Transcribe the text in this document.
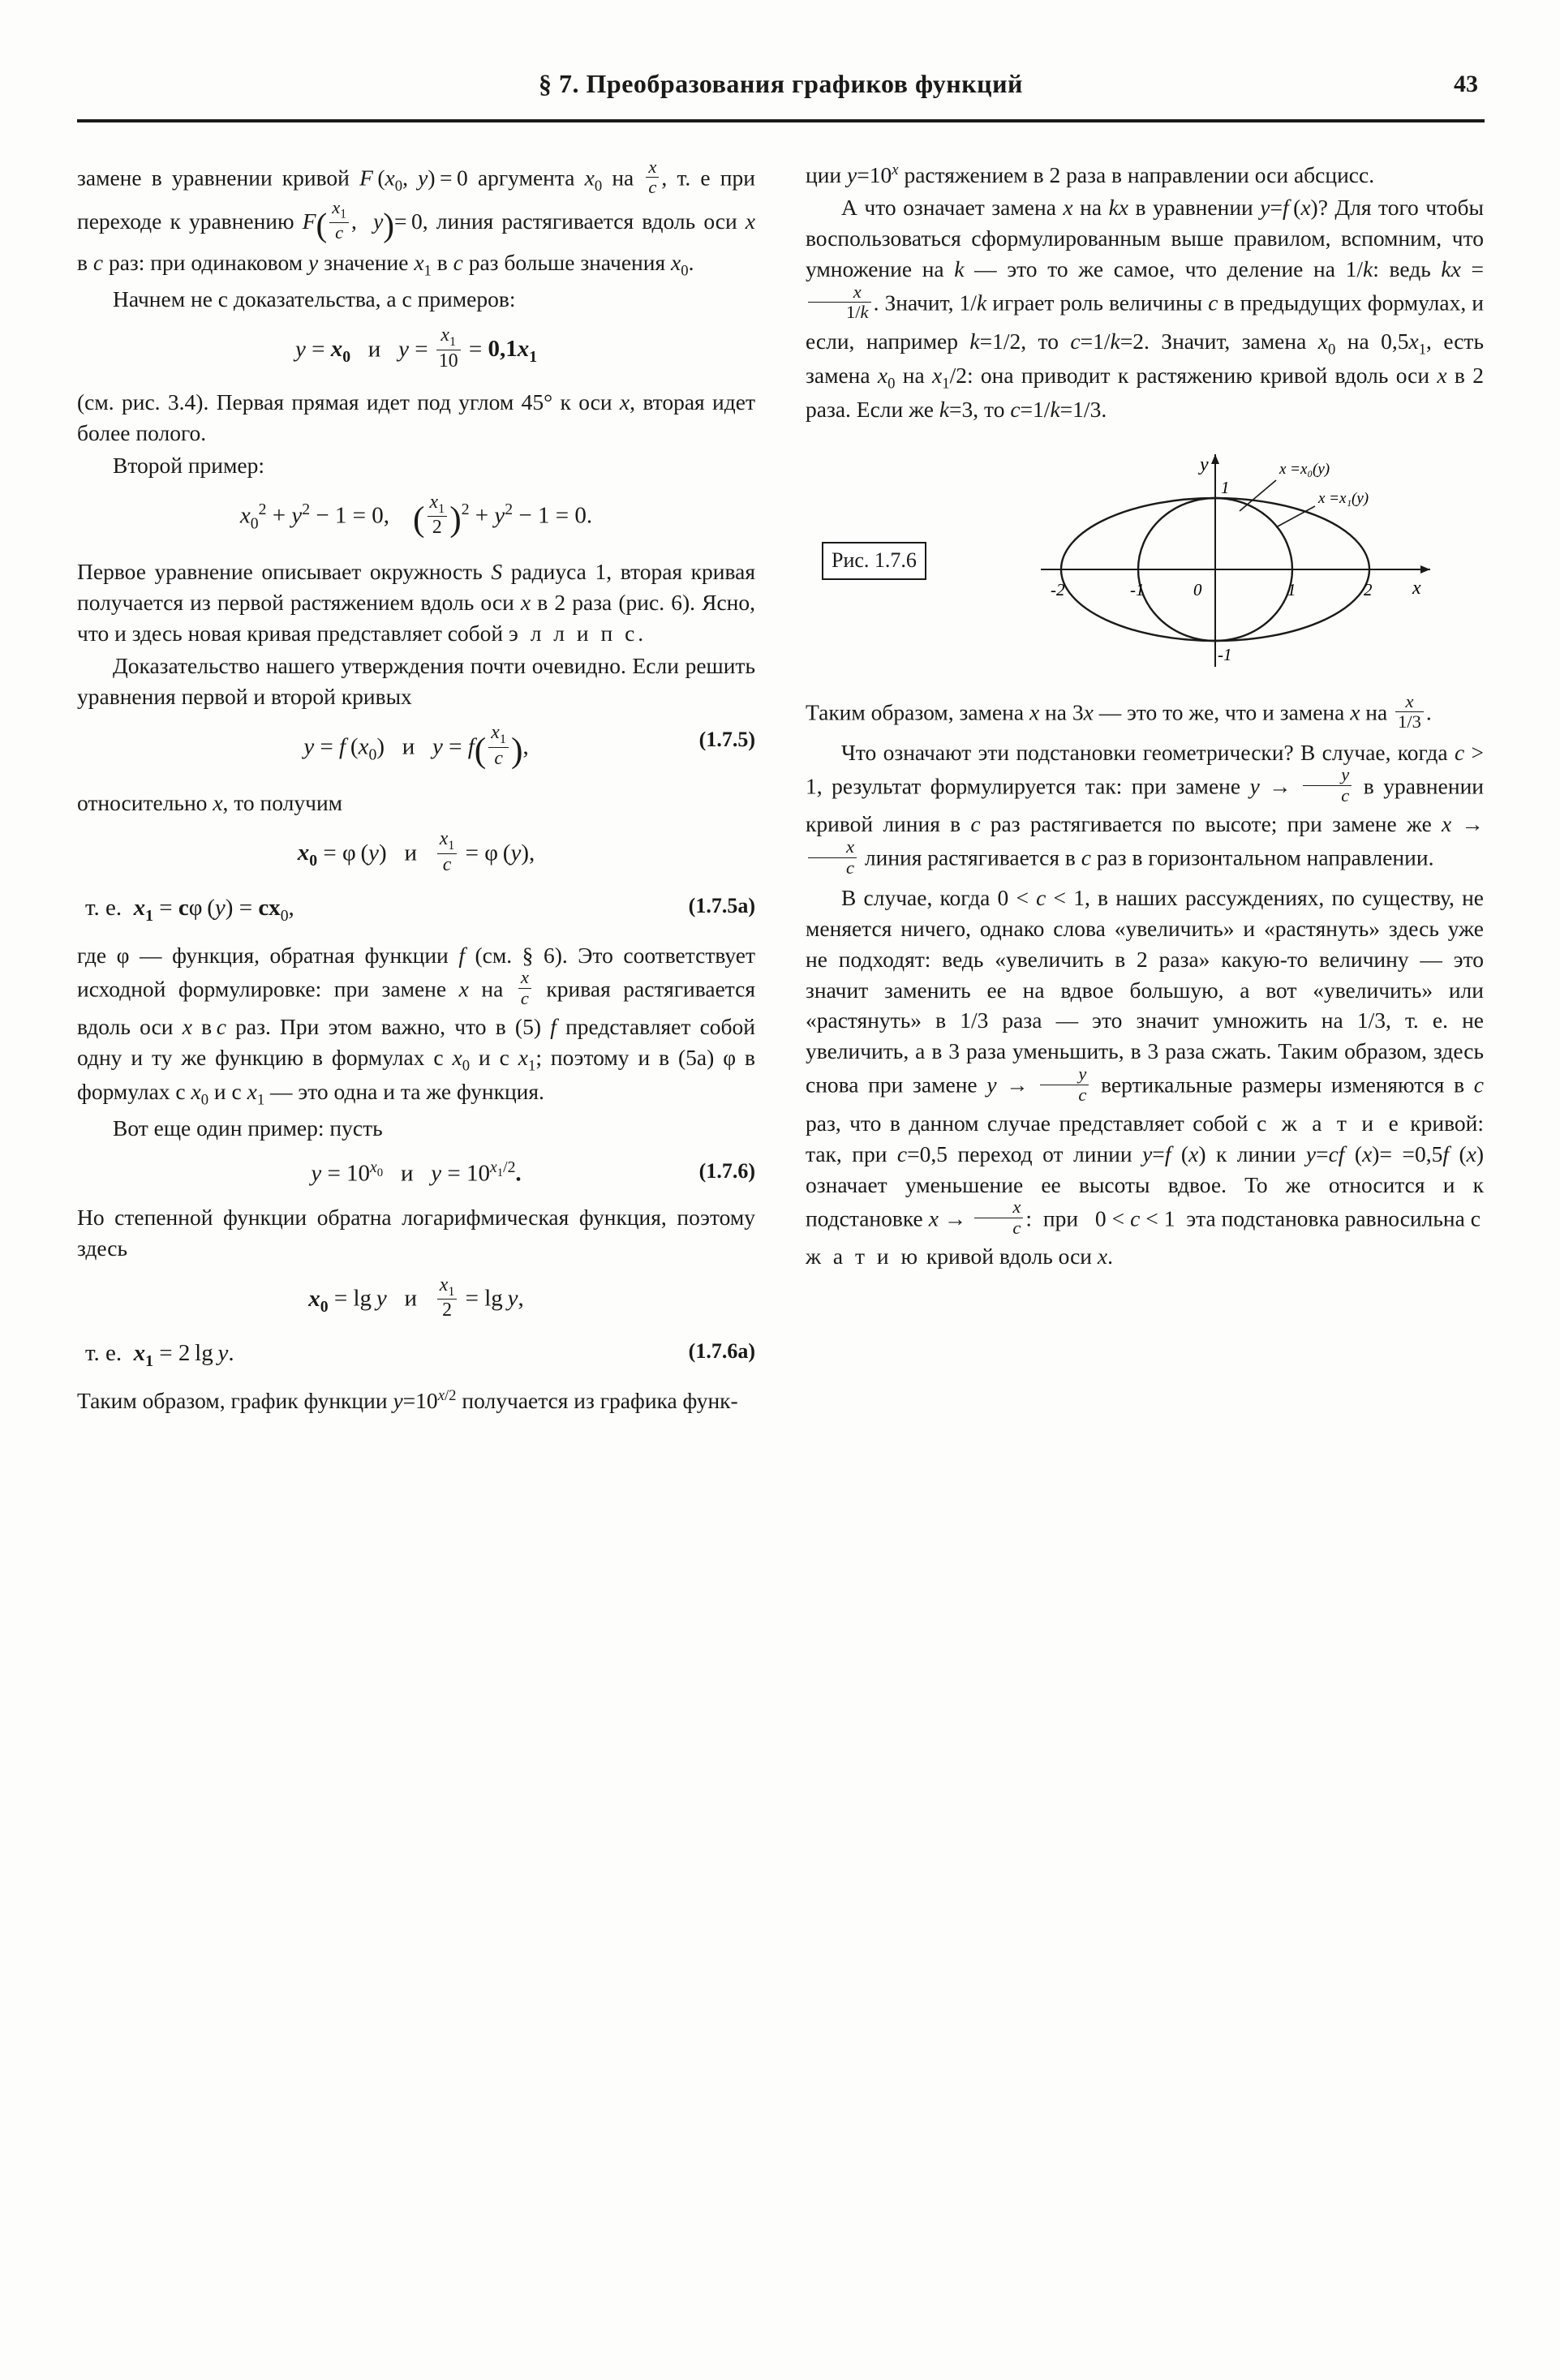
§ 7. Преобразования графиков функций	43

замене в уравнении кривой F ($x_0$, y) = 0 аргумента $x_0$ на $\frac{x}{c}$ , т. е при переходе к уравнению $F( \frac{x_1}{c}$ ,  y)= 0, линия растягивается вдоль оси x в c раз: при одинаковом y значение $x_1$ в c раз больше значения $x_0$.

Начнем не с доказательства, а с примеров:

$y = x_0$   и   $y = \frac{x_1}{10} = 0,1x_1$

(см. рис. 3.4). Первая прямая идет под углом 45° к оси x, вторая идет более полого.

Второй пример:

$x_0^2 + y^2 - 1 = 0$,    ( $\frac{x_1}{2} )^2 + y^2 - 1 = 0$.

Первое уравнение описывает окружность S радиуса 1, вторая кривая получается из первой растяжением вдоль оси x в 2 раза (рис. 6). Ясно, что и здесь новая кривая представляет собой э л л и п с.

Доказательство нашего утверждения почти очевидно. Если решить уравнения первой и второй кривых

y = f $(x_0)$   и   $y = f( \frac{x_1}{c}$ ),	(1.7.5)

относительно x, то получим

$x_0 = \varphi$ (y)   и $\frac{x_1}{c} = \varphi$ (y),
т. е.  $x_1 = c\varphi$ $(y) = cx_0$,	(1.7.5a)

где φ — функция, обратная функции f (см. § 6). Это соответствует исходной формулировке: при замене x на $\frac{x}{c}$ кривая растягивается вдоль оси x в c раз. При этом важно, что в (5) f представляет собой одну и ту же функцию в формулах с $x_0$ и с $x_1$; поэтому и в (5a) φ в формулах с $x_0$ и с $x_1$ — это одна и та же функция.

Вот еще один пример: пусть

$y = 10^{x_0}$   и   $y = 10^{x_1/2}$.	(1.7.6)

Но степенной функции обратна логарифмическая функция, поэтому здесь

$x_0 = \lg y$   и $\frac{x_1}{2} = \lg y$,
т. е.  $x_1 = 2$ lg y.	(1.7.6a)

Таким образом, график функции $y=10^{x/2}$ получается из графика функ-

ции $y=10^x$ растяжением в 2 раза в направлении оси абсцисс.

А что означает замена x на kx в уравнении y=f (x)? Для того чтобы воспользоваться сформулированным выше правилом, вспомним, что умножение на k — это то же самое, что деление на 1/k: ведь kx =
$\frac{x}{1/k}$ . Значит, 1/k играет роль величины c в предыдущих формулах, и если, например k=1/2, то c=1/k=2. Значит, замена $x_0$ на $0,5x_1$, есть замена $x_0$ на $x_1/2$: она приводит к растяжению кривой вдоль оси x в 2 раза. Если же k=3, то c=1/k=1/3.

Рис. 1.7.6
y
x
x =x₀(y)
x =x₁(y)
-2	-1	0	1	2
1
-1

Таким образом, замена x на 3x — это то же, что и замена x на $\frac{x}{1/3}$ .

Что означают эти подстановки геометрически? В случае, когда c > 1, результат формулируется так: при замене $y \to \frac{y}{c}$ в уравнении кривой линия в c раз растягивается по высоте; при замене же x →
$\frac{x}{c}$ линия растягивается в c раз в горизонтальном направлении.

В случае, когда 0 < c < 1, в наших рассуждениях, по существу, не меняется ничего, однако слова «увеличить» и «растянуть» здесь уже не подходят: ведь «увеличить в 2 раза» какую-то величину — это значит заменить ее на вдвое большую, а вот «увеличить» или «растянуть» в 1/3 раза — это значит умножить на 1/3, т. е. не увеличить, а в 3 раза уменьшить, в 3 раза сжать. Таким образом, здесь снова при замене $y \to \frac{y}{c}$ вертикальные размеры изменяются в c раз, что в данном случае представляет собой с ж а т и е кривой: так, при c=0,5 переход от линии y=f (x) к линии y=cf (x)= =0,5f (x) означает уменьшение ее высоты вдвое. То же относится и к подстановке $x \to \frac{x}{c}$ :  при   0 < c < 1  эта подстановка равносильна с ж а т и ю кривой вдоль оси x.
